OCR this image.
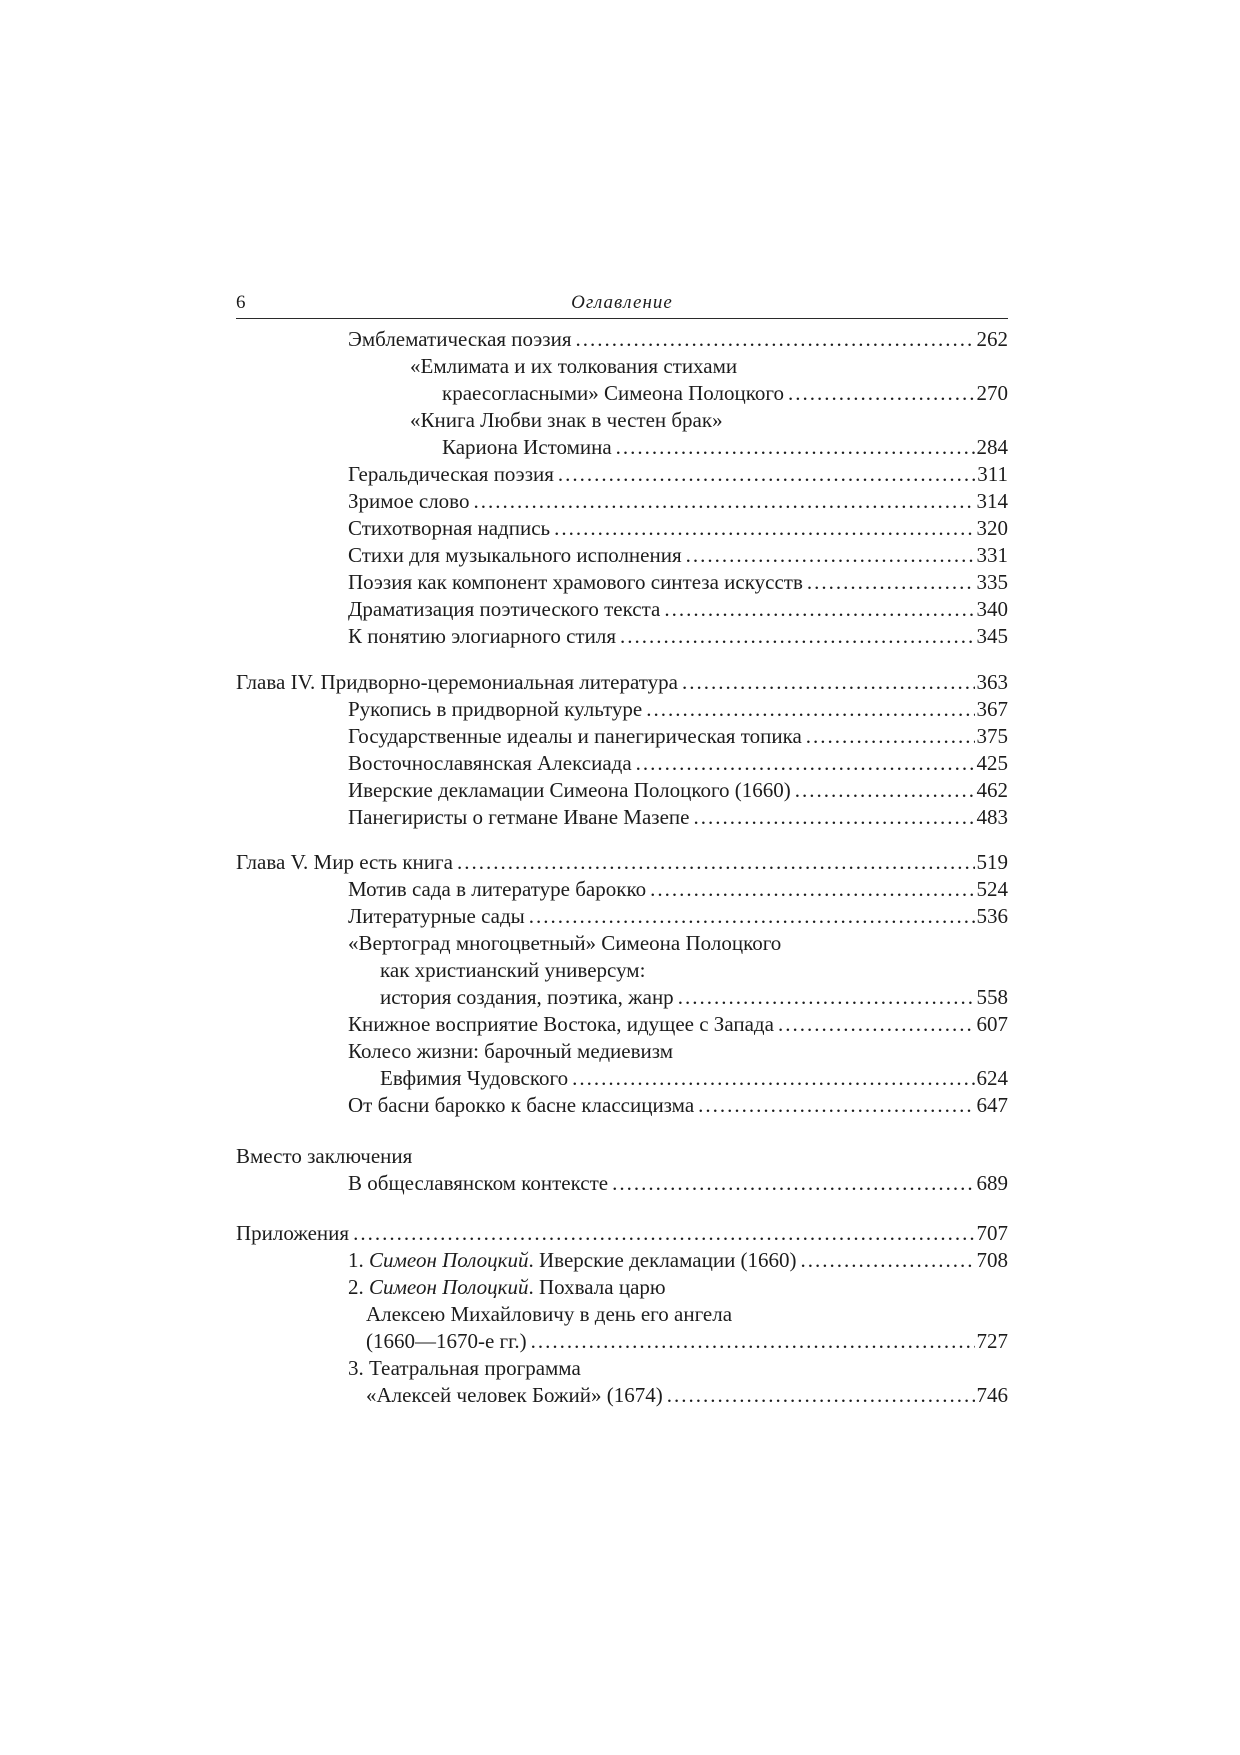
6	Оглавление
Эмблематическая поэзия .....	262
«Емлимата и их толкования стихами
краесогласными» Симеона Полоцкого .....	270
«Книга Любви знак в честен брак»
Кариона Истомина .....	284
Геральдическая поэзия .....	311
Зримое слово .....	314
Стихотворная надпись .....	320
Стихи для музыкального исполнения .....	331
Поэзия как компонент храмового синтеза искусств .....	335
Драматизация поэтического текста .....	340
К понятию элогиарного стиля .....	345
Глава IV. Придворно-церемониальная литература .....	363
Рукопись в придворной культуре .....	367
Государственные идеалы и панегирическая топика .....	375
Восточнославянская Алексиада .....	425
Иверские декламации Симеона Полоцкого (1660) .....	462
Панегиристы о гетмане Иване Мазепе .....	483
Глава V. Мир есть книга .....	519
Мотив сада в литературе барокко .....	524
Литературные сады .....	536
«Вертоград многоцветный» Симеона Полоцкого
как христианский универсум:
история создания, поэтика, жанр .....	558
Книжное восприятие Востока, идущее с Запада .....	607
Колесо жизни: барочный медиевизм
Евфимия Чудовского .....	624
От басни барокко к басне классицизма .....	647
Вместо заключения
В общеславянском контексте .....	689
Приложения .....	707
1. Симеон Полоцкий. Иверские декламации (1660) .....	708
2. Симеон Полоцкий. Похвала царю
Алексею Михайловичу в день его ангела
(1660—1670-е гг.) .....	727
3. Театральная программа
«Алексей человек Божий» (1674) .....	746
